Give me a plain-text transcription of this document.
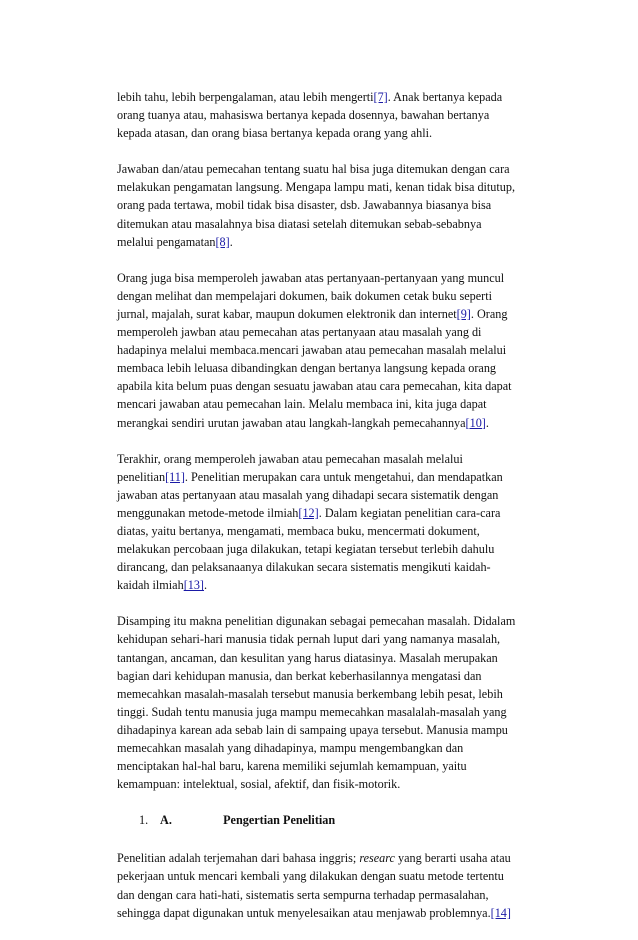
lebih tahu, lebih berpengalaman, atau lebih mengerti[7]. Anak bertanya kepada
orang tuanya atau, mahasiswa bertanya kepada dosennya, bawahan bertanya
kepada atasan, dan orang biasa bertanya kepada orang yang ahli.

Jawaban dan/atau pemecahan tentang suatu hal bisa juga ditemukan dengan cara
melakukan pengamatan langsung. Mengapa lampu mati, kenan tidak bisa ditutup,
orang pada tertawa, mobil tidak bisa disaster, dsb. Jawabannya biasanya bisa
ditemukan atau masalahnya bisa diatasi setelah ditemukan sebab-sebabnya
melalui pengamatan[8].

Orang juga bisa memperoleh jawaban atas pertanyaan-pertanyaan yang muncul
dengan melihat dan mempelajari dokumen, baik dokumen cetak buku seperti
jurnal, majalah, surat kabar, maupun dokumen elektronik dan internet[9]. Orang
memperoleh jawban atau pemecahan atas pertanyaan atau masalah yang di
hadapinya melalui membaca.mencari jawaban atau pemecahan masalah melalui
membaca lebih leluasa dibandingkan dengan bertanya langsung kepada orang
apabila kita belum puas dengan sesuatu jawaban atau cara pemecahan, kita dapat
mencari jawaban atau pemecahan lain. Melalu membaca ini, kita juga dapat
merangkai sendiri urutan jawaban atau langkah-langkah pemecahannya[10].

Terakhir, orang memperoleh jawaban atau pemecahan masalah melalui
penelitian[11]. Penelitian merupakan cara untuk mengetahui, dan mendapatkan
jawaban atas pertanyaan atau masalah yang dihadapi secara sistematik dengan
menggunakan metode-metode ilmiah[12]. Dalam kegiatan penelitian cara-cara
diatas, yaitu bertanya, mengamati, membaca buku, mencermati dokument,
melakukan percobaan juga dilakukan, tetapi kegiatan tersebut terlebih dahulu
dirancang, dan pelaksanaanya dilakukan secara sistematis mengikuti kaidah-
kaidah ilmiah[13].

Disamping itu makna penelitian digunakan sebagai pemecahan masalah. Didalam
kehidupan sehari-hari manusia tidak pernah luput dari yang namanya masalah,
tantangan, ancaman, dan kesulitan yang harus diatasinya. Masalah merupakan
bagian dari kehidupan manusia, dan berkat keberhasilannya mengatasi dan
memecahkan masalah-masalah tersebut manusia berkembang lebih pesat, lebih
tinggi. Sudah tentu manusia juga mampu memecahkan masalalah-masalah yang
dihadapinya karean ada sebab lain di sampaing upaya tersebut. Manusia mampu
memecahkan masalah yang dihadapinya, mampu mengembangkan dan
menciptakan hal-hal baru, karena memiliki sejumlah kemampuan, yaitu
kemampuan: intelektual, sosial, afektif, dan fisik-motorik.

1. A.	Pengertian Penelitian

Penelitian adalah terjemahan dari bahasa inggris; researc yang berarti usaha atau
pekerjaan untuk mencari kembali yang dilakukan dengan suatu metode tertentu
dan dengan cara hati-hati, sistematis serta sempurna terhadap permasalahan,
sehingga dapat digunakan untuk menyelesaikan atau menjawab problemnya.[14]
